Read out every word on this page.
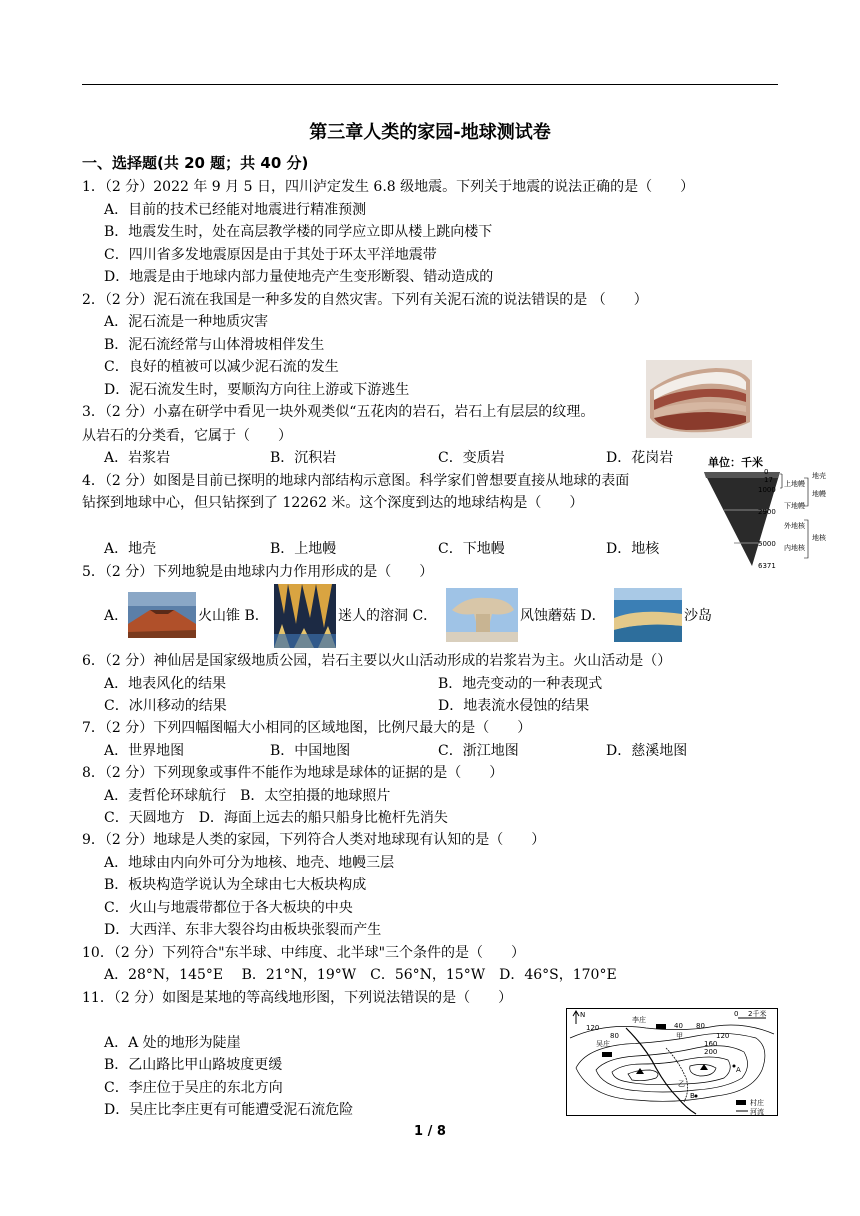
第三章人类的家园-地球测试卷
一、选择题(共 20 题；共 40 分)
1．（2 分）2022 年 9 月 5 日，四川泸定发生 6.8 级地震。下列关于地震的说法正确的是（　　）
A．目前的技术已经能对地震进行精准预测
B．地震发生时，处在高层教学楼的同学应立即从楼上跳向楼下
C．四川省多发地震原因是由于其处于环太平洋地震带
D．地震是由于地球内部力量使地壳产生变形断裂、错动造成的
2．（2 分）泥石流在我国是一种多发的自然灾害。下列有关泥石流的说法错误的是 （　　）
A．泥石流是一种地质灾害
B．泥石流经常与山体滑坡相伴发生
C．良好的植被可以减少泥石流的发生
D．泥石流发生时，要顺沟方向往上游或下游逃生
3．（2 分）小嘉在研学中看见一块外观类似“五花肉的岩石，岩石上有层层的纹理。
从岩石的分类看，它属于（　　）
A．岩浆岩	B．沉积岩	C．变质岩	D．花岗岩	单位：千米
0
17
1000
2900
5000
6371
地壳
上地幔
下地幔
地幔
外地核
内地核
地核
4．（2 分）如图是目前已探明的地球内部结构示意图。科学家们曾想要直接从地球的表面
钻探到地球中心，但只钻探到了 12262 米。这个深度到达的地球结构是（　　）
A．地壳	B．上地幔	C．下地幔	D．地核
5．（2 分）下列地貌是由地球内力作用形成的是（　　）
A．	火山锥 B．	迷人的溶洞 C．	风蚀蘑菇 D．	沙岛
6．（2 分）神仙居是国家级地质公园，岩石主要以火山活动形成的岩浆岩为主。火山活动是（）
A．地表风化的结果	B．地壳变动的一种表现式
C．冰川移动的结果	D．地表流水侵蚀的结果
7．（2 分）下列四幅图幅大小相同的区域地图，比例尺最大的是（　　）
A．世界地图	B．中国地图	C．浙江地图	D．慈溪地图
8．（2 分）下列现象或事件不能作为地球是球体的证据的是（　　）
A．麦哲伦环球航行　B．太空拍摄的地球照片
C．天圆地方　D．海面上远去的船只船身比桅杆先消失
9．（2 分）地球是人类的家园，下列符合人类对地球现有认知的是（　　）
A．地球由内向外可分为地核、地壳、地幔三层
B．板块构造学说认为全球由七大板块构成
C．火山与地震带都位于各大板块的中央
D．大西洋、东非大裂谷均由板块张裂而产生
10．（2 分）下列符合"东半球、中纬度、北半球"三个条件的是（　　）
A．28°N，145°E　 B．21°N，19°W　C．56°N，15°W　D．46°S，170°E
11．（2 分）如图是某地的等高线地形图，下列说法错误的是（　　）
A．A 处的地形为陡崖
B．乙山路比甲山路坡度更缓
C．李庄位于吴庄的东北方向
D．吴庄比李庄更有可能遭受泥石流危险
N
120
80
40 80
160
200
120
李庄
吴庄
甲
乙
A
B
0 2千米
村庄
河流
1 / 8
